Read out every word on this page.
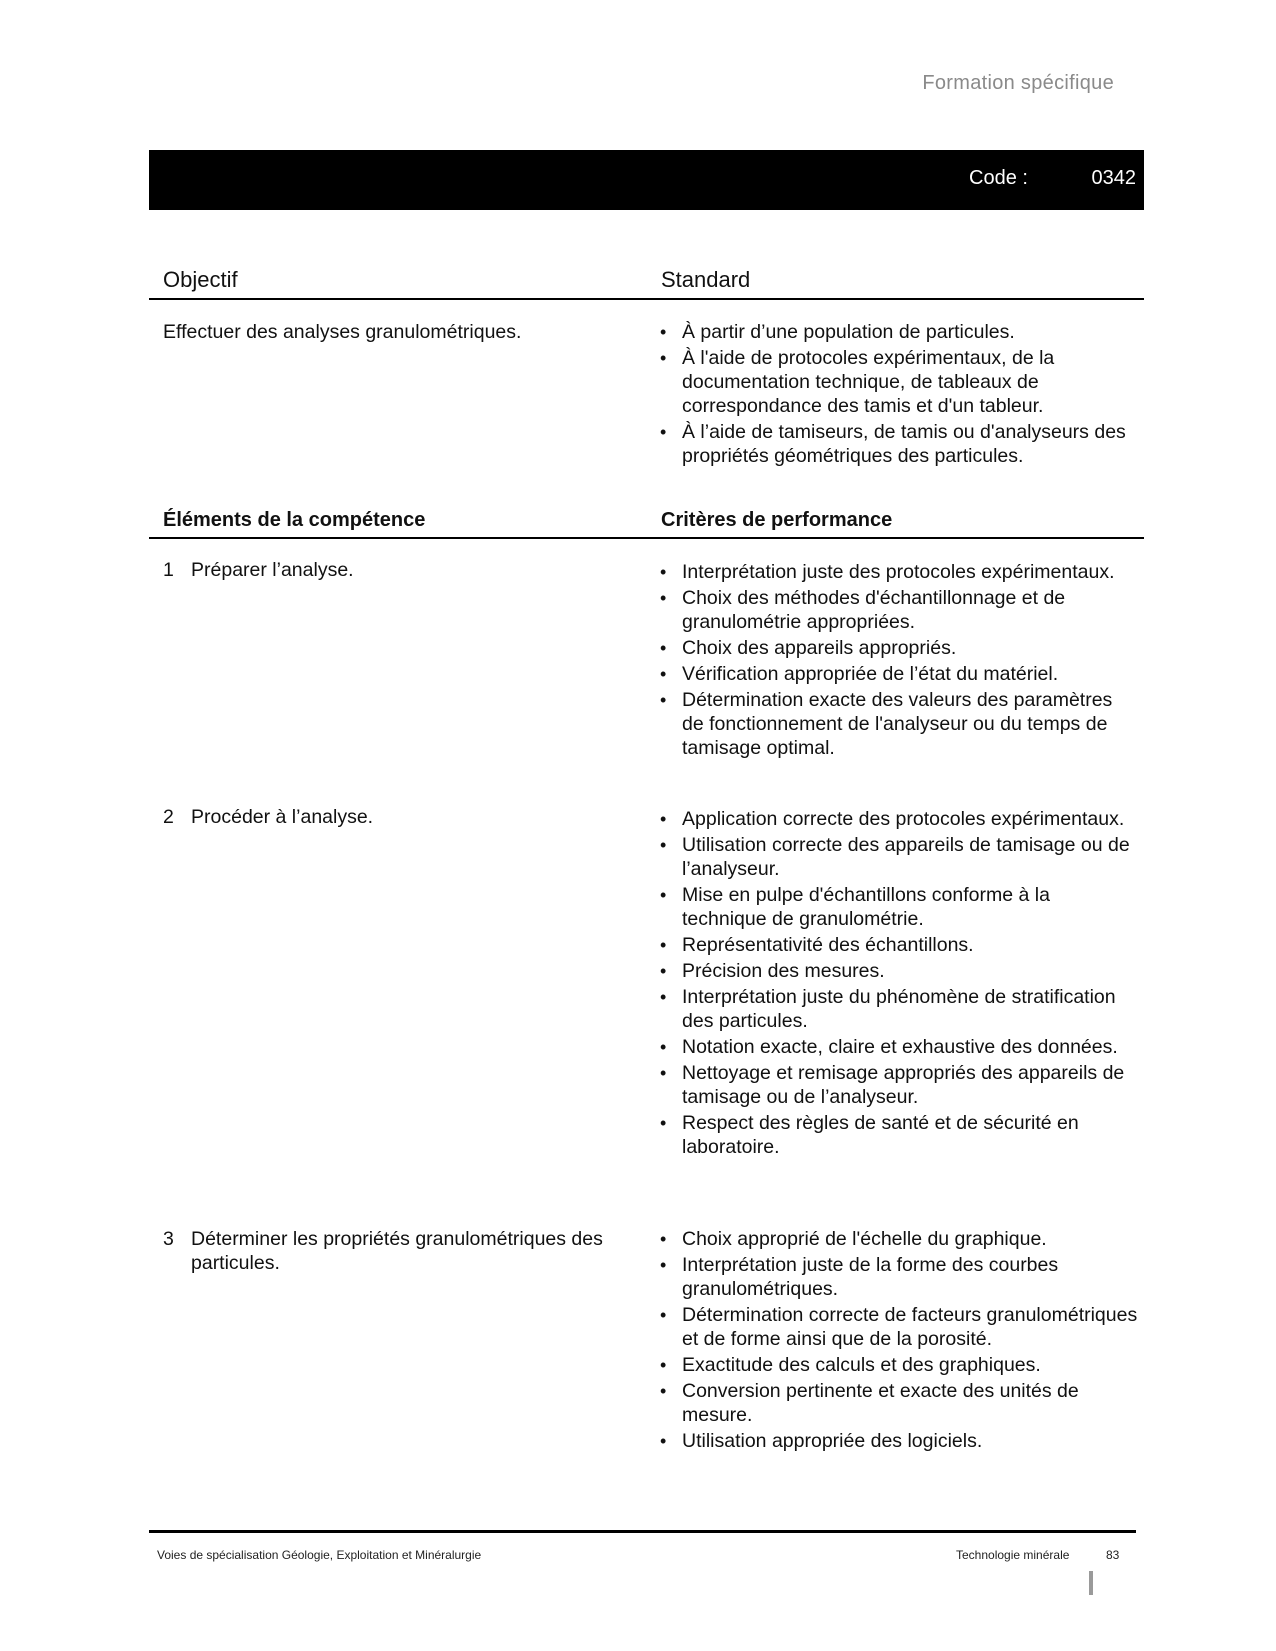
Formation spécifique
Code :	0342
Objectif	Standard
Effectuer des analyses granulométriques.	• À partir d’une population de particules.
• À l'aide de protocoles expérimentaux, de la documentation technique, de tableaux de correspondance des tamis et d'un tableur.
• À l’aide de tamiseurs, de tamis ou d'analyseurs des propriétés géométriques des particules.
Éléments de la compétence	Critères de performance
1 Préparer l’analyse.	• Interprétation juste des protocoles expérimentaux.
• Choix des méthodes d'échantillonnage et de granulométrie appropriées.
• Choix des appareils appropriés.
• Vérification appropriée de l’état du matériel.
• Détermination exacte des valeurs des paramètres de fonctionnement de l'analyseur ou du temps de tamisage optimal.
2 Procéder à l’analyse.	• Application correcte des protocoles expérimentaux.
• Utilisation correcte des appareils de tamisage ou de l’analyseur.
• Mise en pulpe d'échantillons conforme à la technique de granulométrie.
• Représentativité des échantillons.
• Précision des mesures.
• Interprétation juste du phénomène de stratification des particules.
• Notation exacte, claire et exhaustive des données.
• Nettoyage et remisage appropriés des appareils de tamisage ou de l’analyseur.
• Respect des règles de santé et de sécurité en laboratoire.
3 Déterminer les propriétés granulométriques des particules.
• Choix approprié de l'échelle du graphique.
• Interprétation juste de la forme des courbes granulométriques.
• Détermination correcte de facteurs granulométriques et de forme ainsi que de la porosité.
• Exactitude des calculs et des graphiques.
• Conversion pertinente et exacte des unités de mesure.
• Utilisation appropriée des logiciels.
Voies de spécialisation Géologie, Exploitation et Minéralurgie	Technologie minérale	83
